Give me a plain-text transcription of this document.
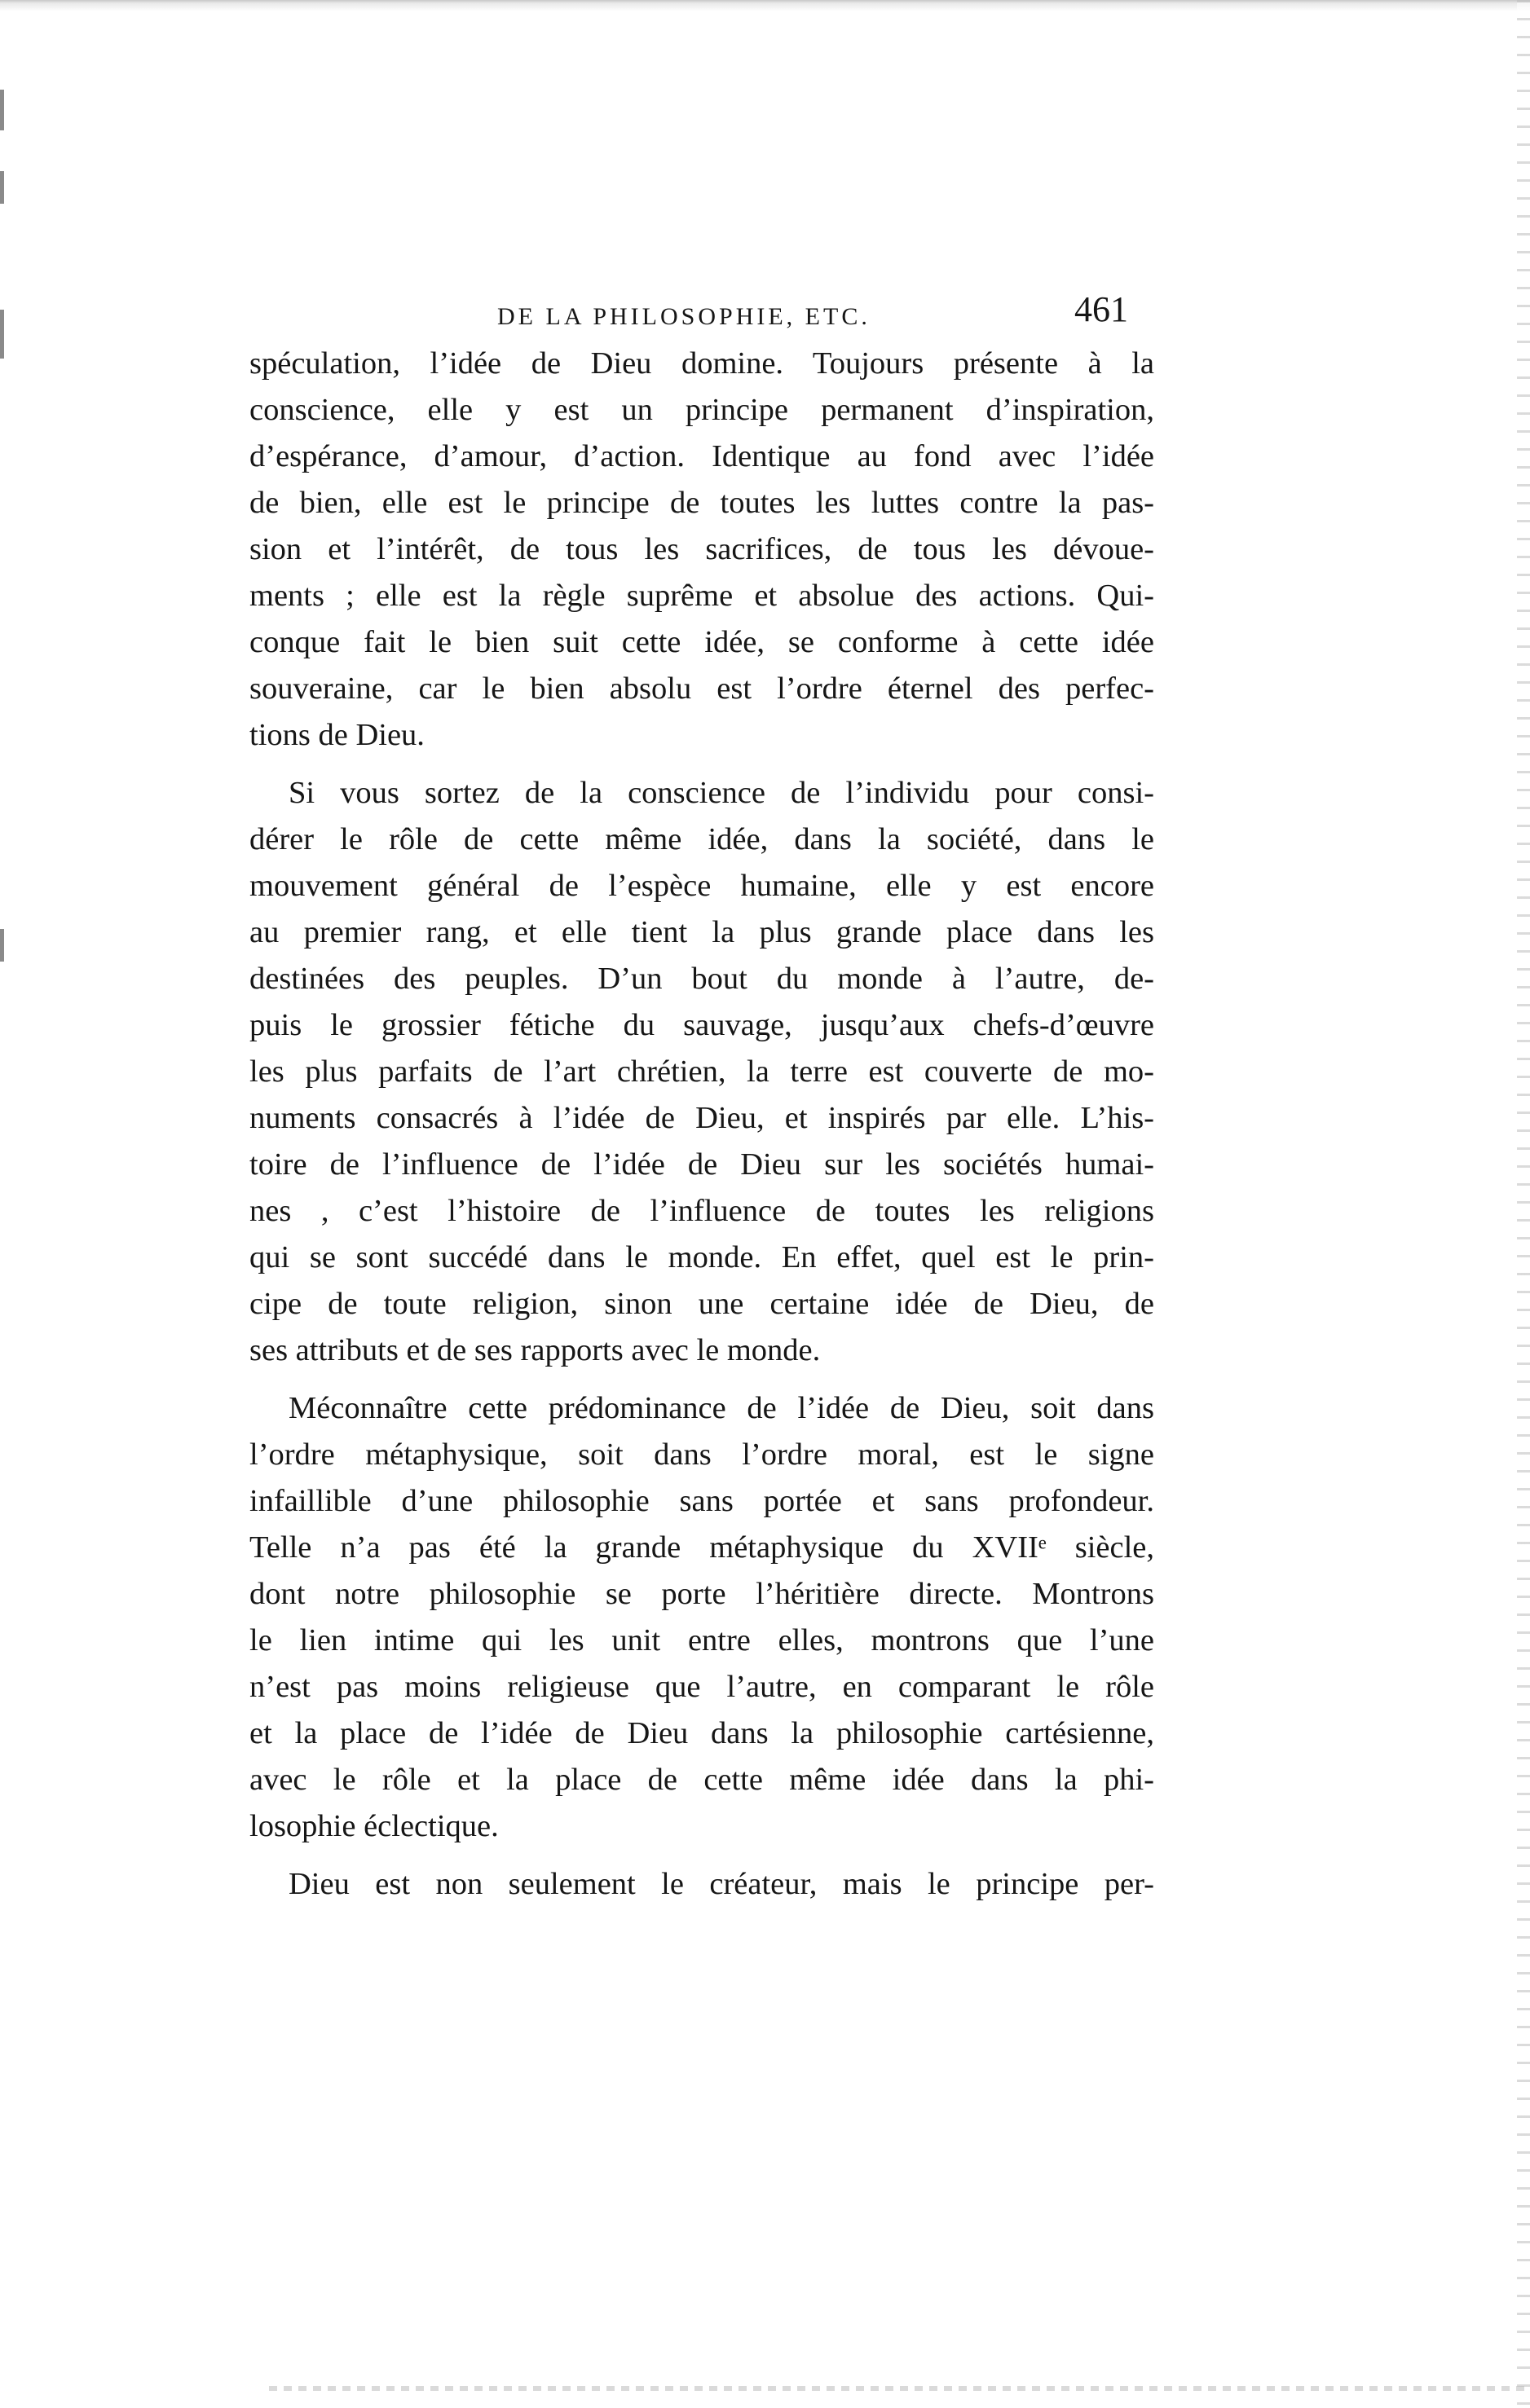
DE LA PHILOSOPHIE, ETC.	461
spéculation, l’idée de Dieu domine. Toujours présente à la
conscience, elle y est un principe permanent d’inspiration,
d’espérance, d’amour, d’action. Identique au fond avec l’idée
de bien, elle est le principe de toutes les luttes contre la pas-
sion et l’intérêt, de tous les sacrifices, de tous les dévoue-
ments ; elle est la règle suprême et absolue des actions. Qui-
conque fait le bien suit cette idée, se conforme à cette idée
souveraine, car le bien absolu est l’ordre éternel des perfec-
tions de Dieu.
Si vous sortez de la conscience de l’individu pour consi-
dérer le rôle de cette même idée, dans la société, dans le
mouvement général de l’espèce humaine, elle y est encore
au premier rang, et elle tient la plus grande place dans les
destinées des peuples. D’un bout du monde à l’autre, de-
puis le grossier fétiche du sauvage, jusqu’aux chefs-d’œuvre
les plus parfaits de l’art chrétien, la terre est couverte de mo-
numents consacrés à l’idée de Dieu, et inspirés par elle. L’his-
toire de l’influence de l’idée de Dieu sur les sociétés humai-
nes , c’est l’histoire de l’influence de toutes les religions
qui se sont succédé dans le monde. En effet, quel est le prin-
cipe de toute religion, sinon une certaine idée de Dieu, de
ses attributs et de ses rapports avec le monde.
Méconnaître cette prédominance de l’idée de Dieu, soit dans
l’ordre métaphysique, soit dans l’ordre moral, est le signe
infaillible d’une philosophie sans portée et sans profondeur.
Telle n’a pas été la grande métaphysique du XVIIᵉ siècle,
dont notre philosophie se porte l’héritière directe. Montrons
le lien intime qui les unit entre elles, montrons que l’une
n’est pas moins religieuse que l’autre, en comparant le rôle
et la place de l’idée de Dieu dans la philosophie cartésienne,
avec le rôle et la place de cette même idée dans la phi-
losophie éclectique.
Dieu est non seulement le créateur, mais le principe per-
